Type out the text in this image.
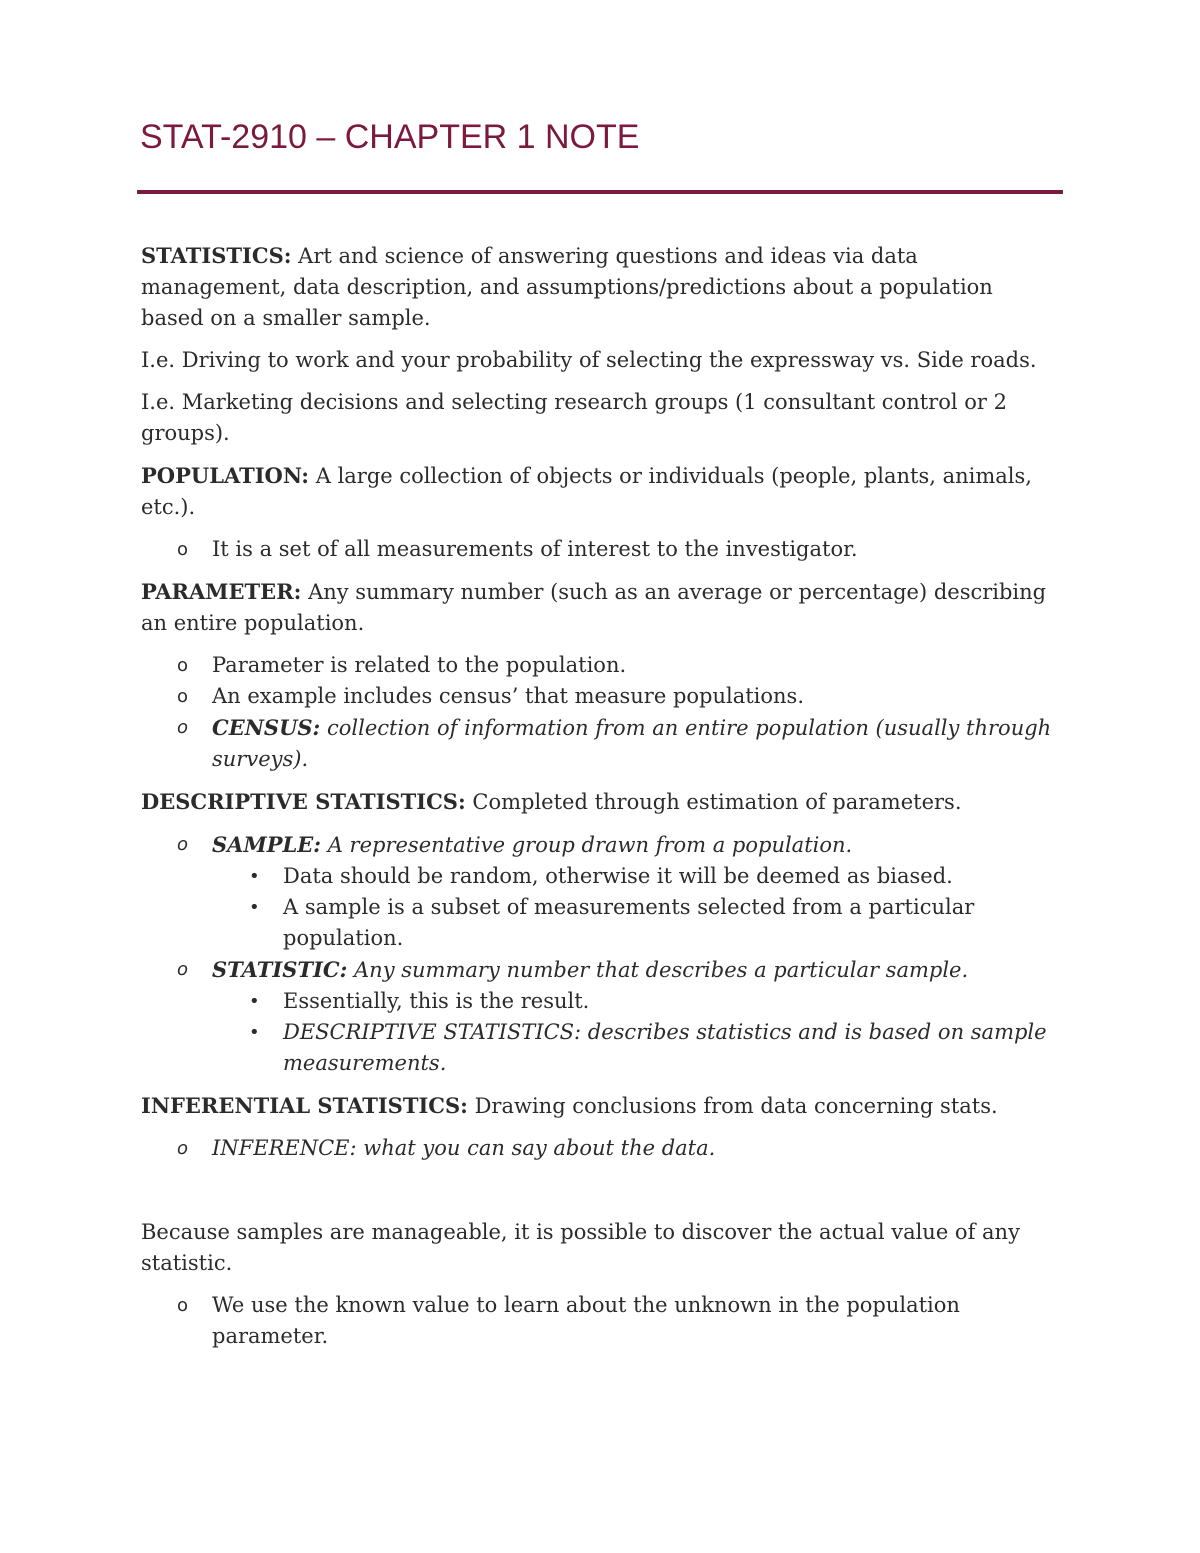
STAT-2910 – CHAPTER 1 NOTE

STATISTICS: Art and science of answering questions and ideas via data management, data description, and assumptions/predictions about a population based on a smaller sample.

I.e. Driving to work and your probability of selecting the expressway vs. Side roads.

I.e. Marketing decisions and selecting research groups (1 consultant control or 2 groups).

POPULATION: A large collection of objects or individuals (people, plants, animals, etc.).

o It is a set of all measurements of interest to the investigator.

PARAMETER: Any summary number (such as an average or percentage) describing an entire population.

o Parameter is related to the population.

o An example includes census’ that measure populations.

o CENSUS: collection of information from an entire population (usually through surveys).

DESCRIPTIVE STATISTICS: Completed through estimation of parameters.

o SAMPLE: A representative group drawn from a population.

• Data should be random, otherwise it will be deemed as biased.

• A sample is a subset of measurements selected from a particular population.

o STATISTIC: Any summary number that describes a particular sample.

• Essentially, this is the result.

• DESCRIPTIVE STATISTICS: describes statistics and is based on sample measurements.

INFERENTIAL STATISTICS: Drawing conclusions from data concerning stats.

o INFERENCE: what you can say about the data.

Because samples are manageable, it is possible to discover the actual value of any statistic.

o We use the known value to learn about the unknown in the population parameter.
